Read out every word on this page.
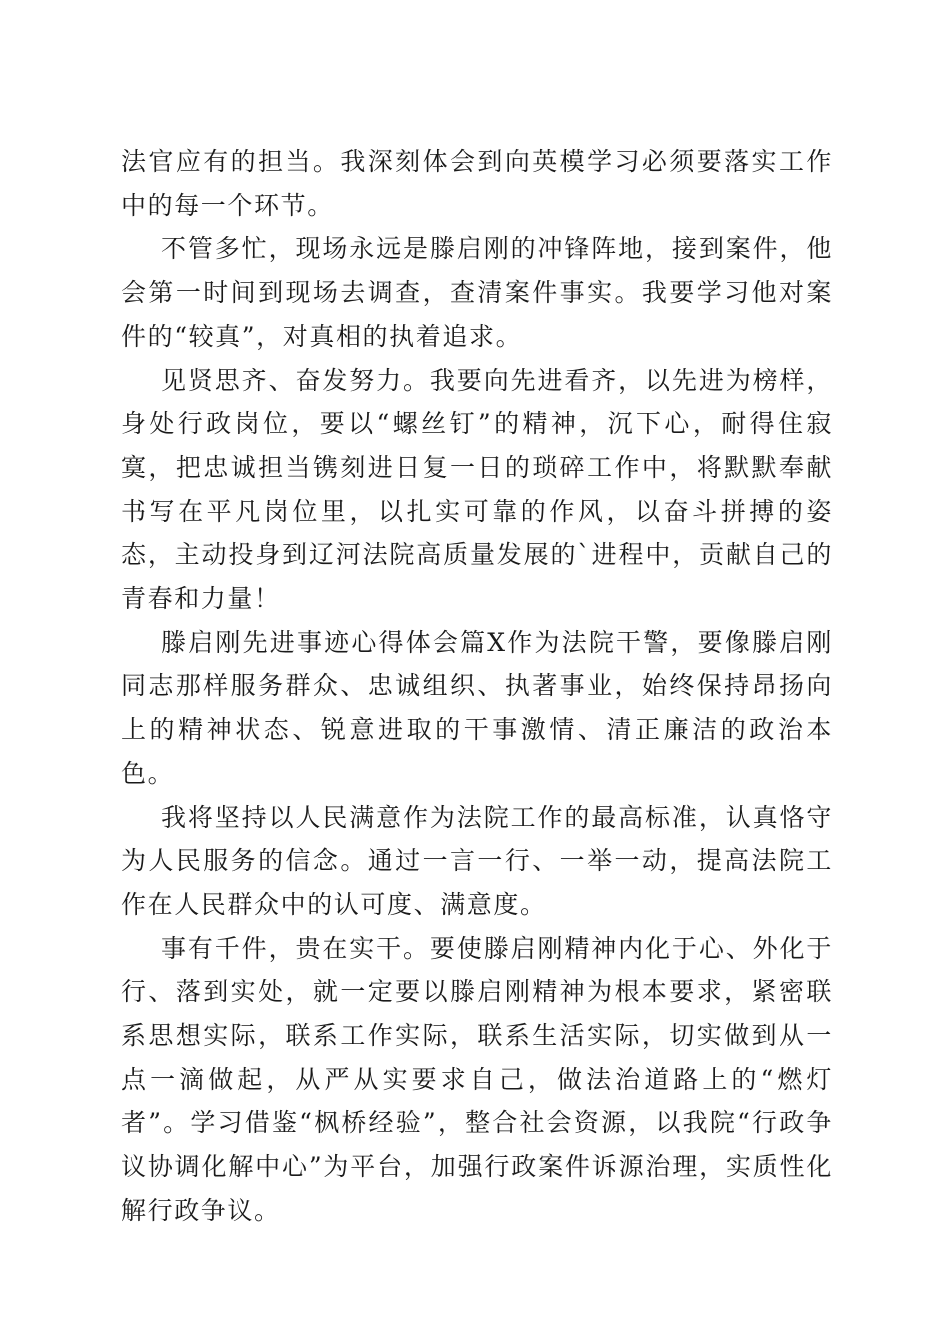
法官应有的担当。我深刻体会到向英模学习必须要落实工作中的每一个环节。

不管多忙，现场永远是滕启刚的冲锋阵地，接到案件，他会第一时间到现场去调查，查清案件事实。我要学习他对案件的“较真”，对真相的执着追求。

见贤思齐、奋发努力。我要向先进看齐，以先进为榜样，身处行政岗位，要以“螺丝钉”的精神，沉下心，耐得住寂寞，把忠诚担当镌刻进日复一日的琐碎工作中，将默默奉献书写在平凡岗位里，以扎实可靠的作风，以奋斗拼搏的姿态，主动投身到辽河法院高质量发展的`进程中，贡献自己的青春和力量！

滕启刚先进事迹心得体会篇X作为法院干警，要像滕启刚同志那样服务群众、忠诚组织、执著事业，始终保持昂扬向上的精神状态、锐意进取的干事激情、清正廉洁的政治本色。

我将坚持以人民满意作为法院工作的最高标准，认真恪守为人民服务的信念。通过一言一行、一举一动，提高法院工作在人民群众中的认可度、满意度。

事有千件，贵在实干。要使滕启刚精神内化于心、外化于行、落到实处，就一定要以滕启刚精神为根本要求，紧密联系思想实际，联系工作实际，联系生活实际，切实做到从一点一滴做起，从严从实要求自己，做法治道路上的“燃灯者”。学习借鉴“枫桥经验”，整合社会资源，以我院“行政争议协调化解中心”为平台，加强行政案件诉源治理，实质性化解行政争议。
